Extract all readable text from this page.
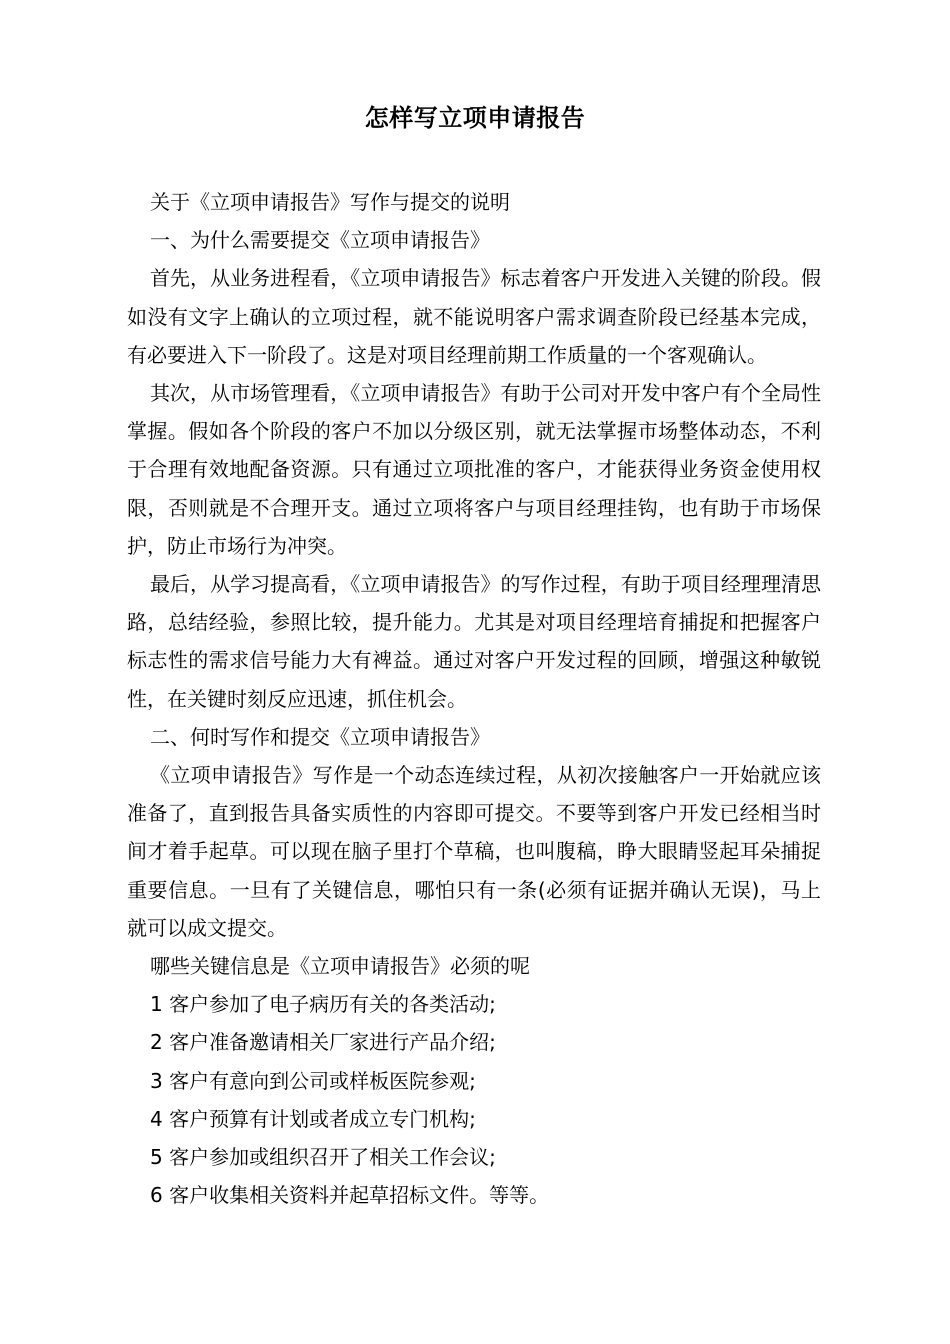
怎样写立项申请报告

关于《立项申请报告》写作与提交的说明

一、为什么需要提交《立项申请报告》

首先，从业务进程看，《立项申请报告》标志着客户开发进入关键的阶段。假如没有文字上确认的立项过程，就不能说明客户需求调查阶段已经基本完成，有必要进入下一阶段了。这是对项目经理前期工作质量的一个客观确认。

其次，从市场管理看，《立项申请报告》有助于公司对开发中客户有个全局性掌握。假如各个阶段的客户不加以分级区别，就无法掌握市场整体动态，不利于合理有效地配备资源。只有通过立项批准的客户，才能获得业务资金使用权限，否则就是不合理开支。通过立项将客户与项目经理挂钩，也有助于市场保护，防止市场行为冲突。

最后，从学习提高看，《立项申请报告》的写作过程，有助于项目经理理清思路，总结经验，参照比较，提升能力。尤其是对项目经理培育捕捉和把握客户标志性的需求信号能力大有裨益。通过对客户开发过程的回顾，增强这种敏锐性，在关键时刻反应迅速，抓住机会。

二、何时写作和提交《立项申请报告》

《立项申请报告》写作是一个动态连续过程，从初次接触客户一开始就应该准备了，直到报告具备实质性的内容即可提交。不要等到客户开发已经相当时间才着手起草。可以现在脑子里打个草稿，也叫腹稿，睁大眼睛竖起耳朵捕捉重要信息。一旦有了关键信息，哪怕只有一条(必须有证据并确认无误)，马上就可以成文提交。

哪些关键信息是《立项申请报告》必须的呢

1 客户参加了电子病历有关的各类活动;

2 客户准备邀请相关厂家进行产品介绍;

3 客户有意向到公司或样板医院参观;

4 客户预算有计划或者成立专门机构;

5 客户参加或组织召开了相关工作会议;

6 客户收集相关资料并起草招标文件。等等。
